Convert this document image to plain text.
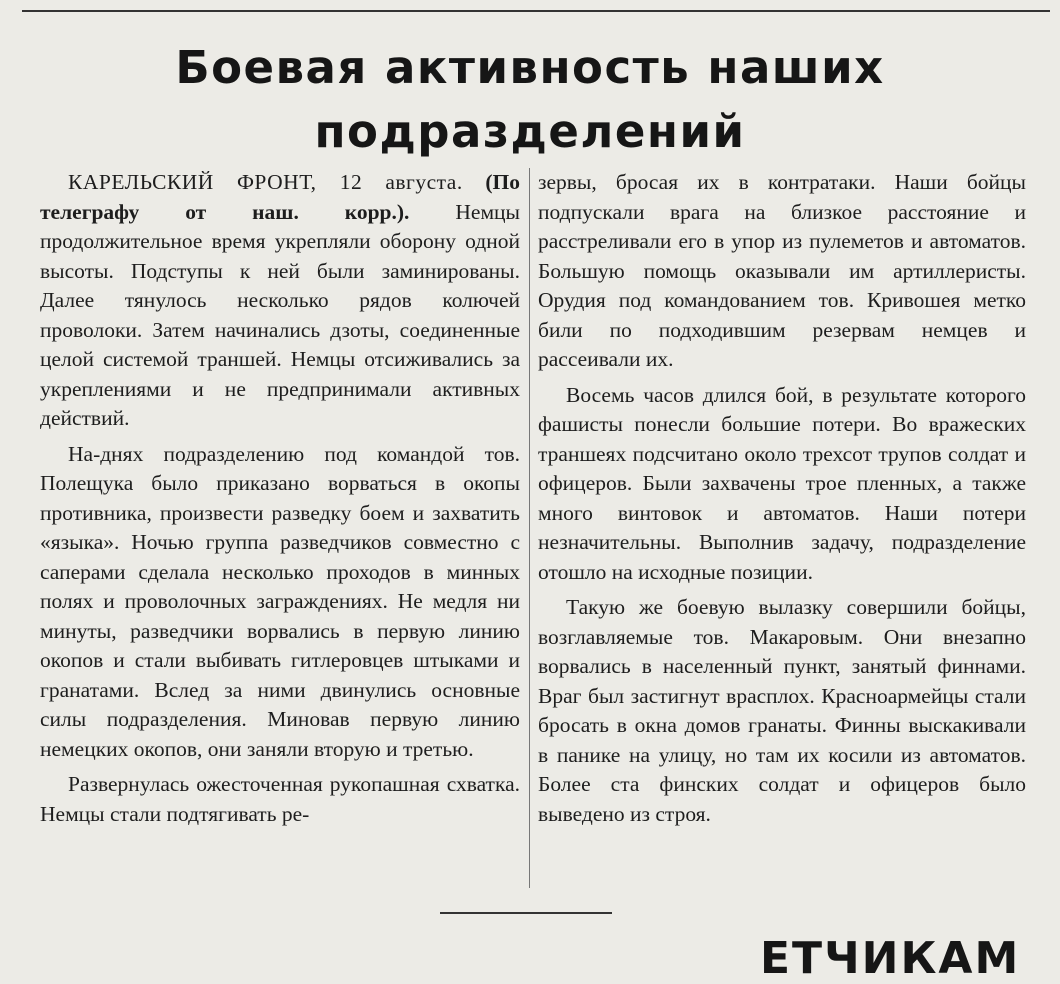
Боевая активность наших
подразделений

КАРЕЛЬСКИЙ ФРОНТ, 12 августа. (По телеграфу от наш. корр.). Немцы продолжительное время укрепляли оборону одной высоты. Подступы к ней были заминированы. Далее тянулось несколько рядов колючей проволоки. Затем начинались дзоты, соединенные целой системой траншей. Немцы отсиживались за укреплениями и не предпринимали активных действий.

На-днях подразделению под командой тов. Полещука было приказано ворваться в окопы противника, произвести разведку боем и захватить «языка». Ночью группа разведчиков совместно с саперами сделала несколько проходов в минных полях и проволочных заграждениях. Не медля ни минуты, разведчики ворвались в первую линию окопов и стали выбивать гитлеровцев штыками и гранатами. Вслед за ними двинулись основные силы подразделения. Миновав первую линию немецких окопов, они заняли вторую и третью.

Развернулась ожесточенная рукопашная схватка. Немцы стали подтягивать ре-

зервы, бросая их в контратаки. Наши бойцы подпускали врага на близкое расстояние и расстреливали его в упор из пулеметов и автоматов. Большую помощь оказывали им артиллеристы. Орудия под командованием тов. Кривошея метко били по подходившим резервам немцев и рассеивали их.

Восемь часов длился бой, в результате которого фашисты понесли большие потери. Во вражеских траншеях подсчитано около трехсот трупов солдат и офицеров. Были захвачены трое пленных, а также много винтовок и автоматов. Наши потери незначительны. Выполнив задачу, подразделение отошло на исходные позиции.

Такую же боевую вылазку совершили бойцы, возглавляемые тов. Макаровым. Они внезапно ворвались в населенный пункт, занятый финнами. Враг был застигнут врасплох. Красноармейцы стали бросать в окна домов гранаты. Финны выскакивали в панике на улицу, но там их косили из автоматов. Более ста финских солдат и офицеров было выведено из строя.

ЕТЧИКАМ
